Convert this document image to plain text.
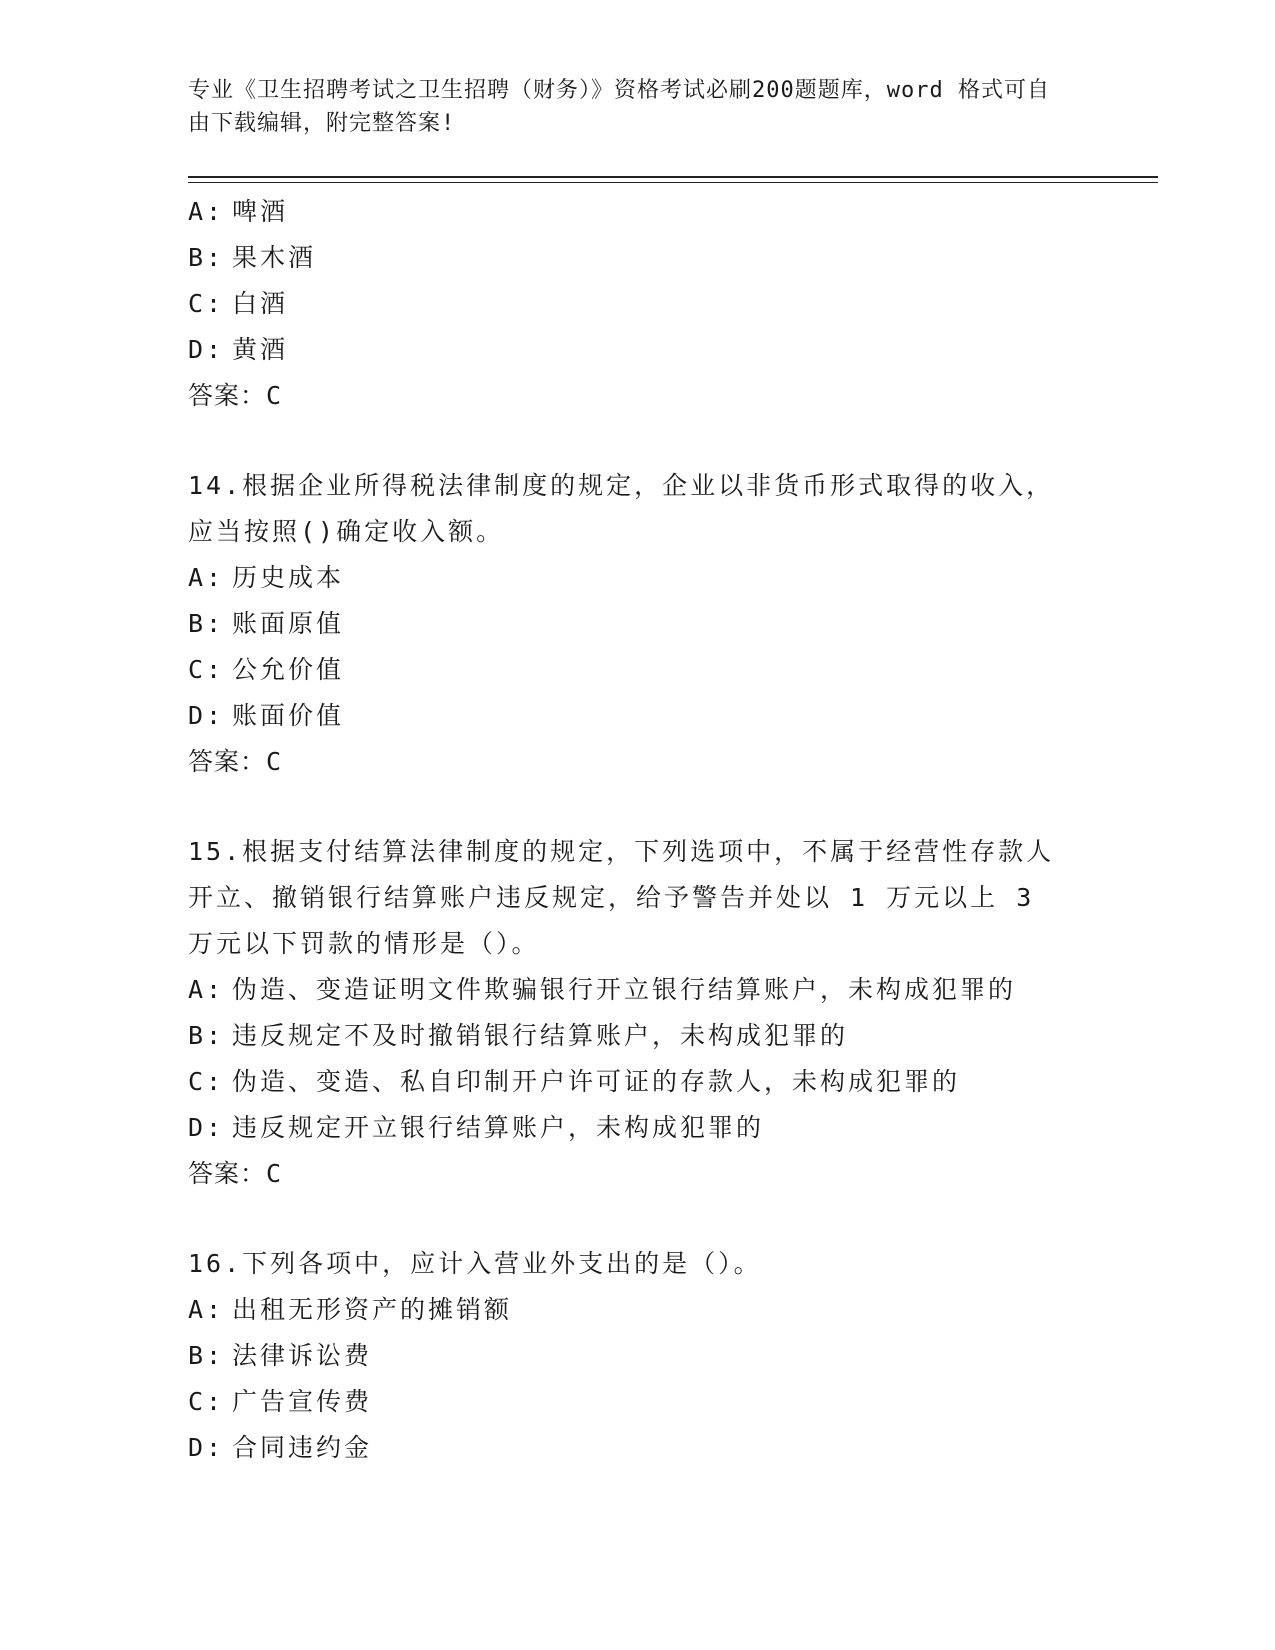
专业《卫生招聘考试之卫生招聘（财务）》资格考试必刷200题题库，word 格式可自由下载编辑，附完整答案!
A: 啤酒
B: 果木酒
C: 白酒
D: 黄酒
答案：C
14.根据企业所得税法律制度的规定，企业以非货币形式取得的收入，应当按照()确定收入额。
A: 历史成本
B: 账面原值
C: 公允价值
D: 账面价值
答案：C
15.根据支付结算法律制度的规定，下列选项中，不属于经营性存款人开立、撤销银行结算账户违反规定，给予警告并处以 1 万元以上 3 万元以下罚款的情形是（）。
A: 伪造、变造证明文件欺骗银行开立银行结算账户，未构成犯罪的
B: 违反规定不及时撤销银行结算账户，未构成犯罪的
C: 伪造、变造、私自印制开户许可证的存款人，未构成犯罪的
D: 违反规定开立银行结算账户，未构成犯罪的
答案：C
16.下列各项中，应计入营业外支出的是（）。
A: 出租无形资产的摊销额
B: 法律诉讼费
C: 广告宣传费
D: 合同违约金
